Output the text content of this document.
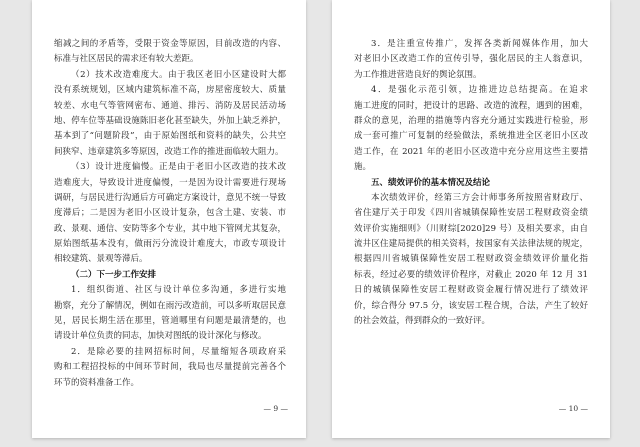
缩减之间的矛盾等，受限于资金等原因，目前改造的内容、
标准与社区居民的需求还有较大差距。
（2）技术改造难度大。由于我区老旧小区建设时大都
没有系统规划，区域内建筑标准不高，房屋密度较大、质量
较差、水电气等管网密布、通道、排污、消防及居民活动场
地、停车位等基础设施陈旧老化甚至缺失，外加上缺乏养护，
基本到了“问题阶段”，由于原始图纸和资料的缺失，公共空
间狭窄、违章建筑多等原因，改造工作的推进面临较大阻力。
（3）设计进度偏慢。正是由于老旧小区改造的技术改
造难度大，导致设计进度偏慢，一是因为设计需要进行现场
调研，与居民进行沟通后方可确定方案设计，意见不统一导致
度滞后；二是因为老旧小区设计复杂，包含土建、安装、市
政、景观、通信、安防等多个专业，其中地下管网尤其复杂，
原始图纸基本没有，做雨污分流设计难度大，市政专项设计
相较建筑、景观等滞后。
（二）下一步工作安排
1．组织街道、社区与设计单位多沟通，多进行实地
勘察，充分了解情况，例如在雨污改造前，可以多听取居民意
见，居民长期生活在那里，管道哪里有问题是最清楚的，也
请设计单位负责的同志，加快对图纸的设计深化与修改。
2．是除必要的挂网招标时间，尽量缩短各项政府采
购和工程招投标的中间环节时间，我局也尽量提前完善各个
环节的资料准备工作。
— 9 —
3．是注重宣传推广，发挥各类新闻媒体作用，加大
对老旧小区改造工作的宣传引导，强化居民的主人翁意识，
为工作推进营造良好的舆论氛围。
4．是强化示范引领，边推进边总结提高。在追求
施工进度的同时，把设计的思路、改造的流程，遇到的困难，
群众的意见，治理的措施等内容充分通过实践进行检验，形
成一套可推广可复制的经验做法，系统推进全区老旧小区改
造工作，在 2021 年的老旧小区改造中充分应用这些主要措
施。
五、绩效评价的基本情况及结论
本次绩效评价，经第三方会计师事务所按照省财政厅、
省住建厅关于印发《四川省城镇保障性安居工程财政资金绩
效评价实施细则》（川财综[2020]29 号）及相关要求，由自
流井区住建局提供的相关资料，按国家有关法律法规的规定，
根据四川省城镇保障性安居工程财政资金绩效评价量化指
标表，经过必要的绩效评价程序，对截止 2020 年 12 月 31
日的城镇保障性安居工程财政资金履行情况进行了绩效评
价，综合得分 97.5 分，该安居工程合规，合法，产生了较好
的社会效益，得到群众的一致好评。
— 10 —
